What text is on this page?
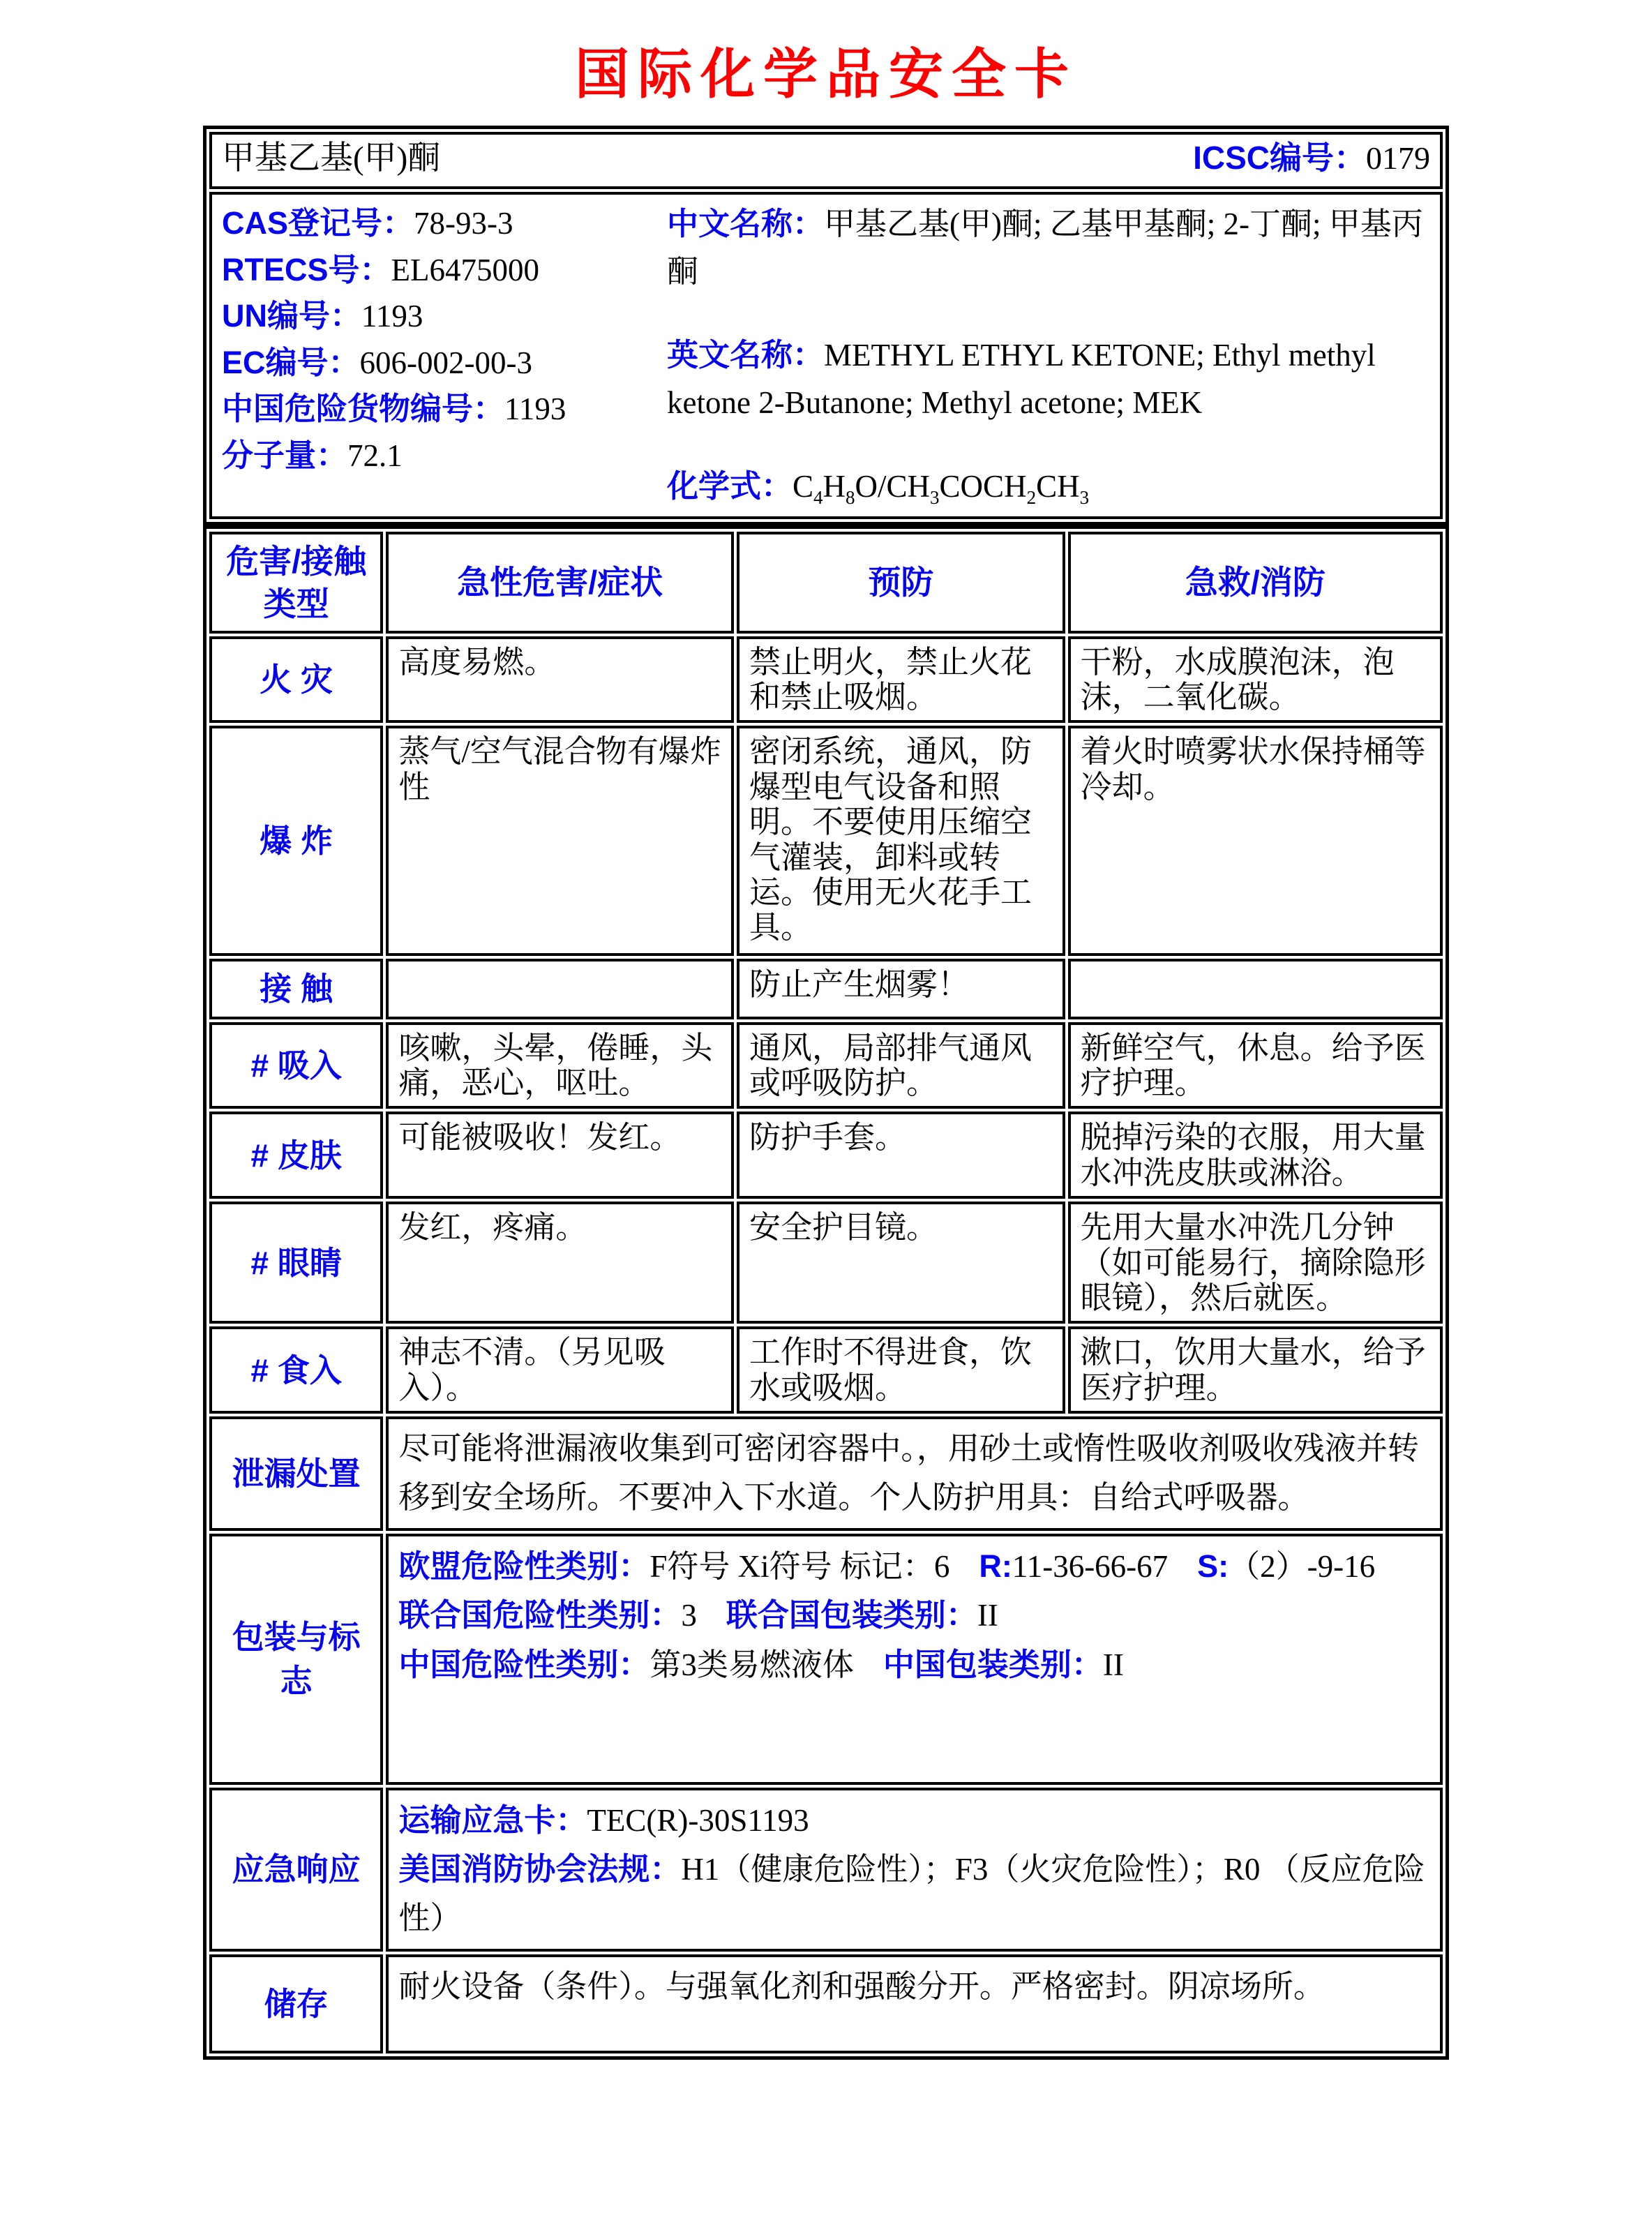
国际化学品安全卡
甲基乙基(甲)酮	ICSC编号：0179

CAS登记号：78-93-3
RTECS号：EL6475000
UN编号：1193
EC编号：606-002-00-3
中国危险货物编号：1193
分子量：72.1

中文名称：甲基乙基(甲)酮; 乙基甲基酮; 2-丁酮; 甲基丙酮

英文名称：METHYL ETHYL KETONE; Ethyl methyl ketone 2-Butanone; Methyl acetone; MEK

化学式：$C_4H_8O/CH_3COCH_2CH_3$

危害/接触
类型	急性危害/症状	预防	急救/消防
火 灾	高度易燃。	禁止明火，禁止火花和禁止吸烟。	干粉，水成膜泡沫，泡沫，二氧化碳。
爆 炸	蒸气/空气混合物有爆炸性	密闭系统，通风，防爆型电气设备和照明。不要使用压缩空气灌装，卸料或转运。使用无火花手工具。	着火时喷雾状水保持桶等冷却。
接 触		防止产生烟雾！	
# 吸入	咳嗽，头晕，倦睡，头痛，恶心，呕吐。	通风，局部排气通风或呼吸防护。	新鲜空气，休息。给予医疗护理。
# 皮肤	可能被吸收！发红。	防护手套。	脱掉污染的衣服，用大量水冲洗皮肤或淋浴。
# 眼睛	发红，疼痛。	安全护目镜。	先用大量水冲洗几分钟（如可能易行，摘除隐形眼镜），然后就医。
# 食入	神志不清。（另见吸入）。	工作时不得进食，饮水或吸烟。	漱口，饮用大量水，给予医疗护理。
泄漏处置	尽可能将泄漏液收集到可密闭容器中。，用砂土或惰性吸收剂吸收残液并转移到安全场所。不要冲入下水道。个人防护用具：自给式呼吸器。		
包装与标志	欧盟危险性类别：F符号 Xi符号 标记：6 R:11-36-66-67 S:（2）-9-16

联合国危险性类别：3 联合国包装类别：II

中国危险性类别：第3类易燃液体 中国包装类别：II		

应急响应	运输应急卡：TEC(R)-30S1193

美国消防协会法规：H1（健康危险性）；F3（火灾危险性）；R0 （反应危险性）		

储存	耐火设备（条件）。与强氧化剂和强酸分开。严格密封。阴凉场所。		
